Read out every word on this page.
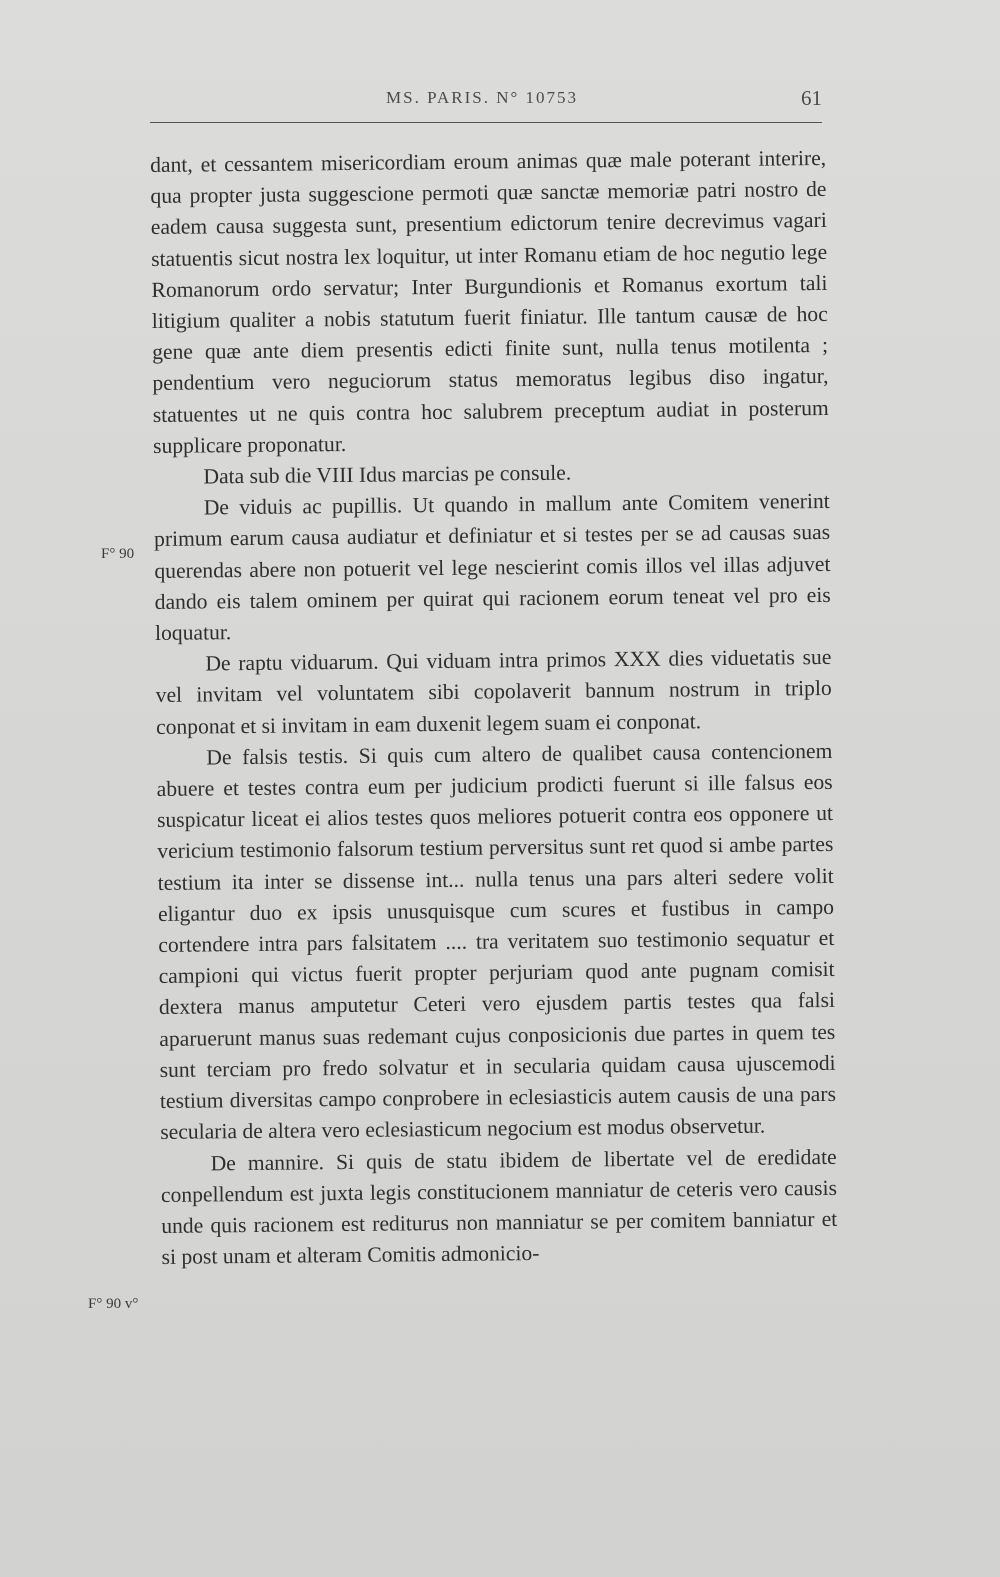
MS. PARIS. N° 10753	61
F° 90
F° 90 v°

dant, et cessantem misericordiam eroum animas quæ male poterant interire, qua propter justa suggescione permoti quæ sanctæ memoriæ patri nostro de eadem causa suggesta sunt, presentium edictorum tenire decrevimus vagari statuentis sicut nostra lex loquitur, ut inter Romanu etiam de hoc negutio lege Romanorum ordo servatur; Inter Burgundionis et Romanus exortum tali litigium qualiter a nobis statutum fuerit finiatur. Ille tantum causæ de hoc gene quæ ante diem presentis edicti finite sunt, nulla tenus motilenta ; pendentium vero neguciorum status memoratus legibus diso ingatur, statuentes ut ne quis contra hoc salubrem preceptum audiat in posterum supplicare proponatur.

Data sub die VIII Idus marcias pe consule.

De viduis ac pupillis. Ut quando in mallum ante Comitem venerint primum earum causa audiatur et definiatur et si testes per se ad causas suas querendas abere non potuerit vel lege nescierint comis illos vel illas adjuvet dando eis talem ominem per quirat qui racionem eorum teneat vel pro eis loquatur.

De raptu viduarum. Qui viduam intra primos XXX dies viduetatis sue vel invitam vel voluntatem sibi copolaverit bannum nostrum in triplo conponat et si invitam in eam duxenit legem suam ei conponat.

De falsis testis. Si quis cum altero de qualibet causa contencionem abuere et testes contra eum per judicium prodicti fuerunt si ille falsus eos suspicatur liceat ei alios testes quos meliores potuerit contra eos opponere ut vericium testimonio falsorum testium perversitus sunt ret quod si ambe partes testium ita inter se dissense int... nulla tenus una pars alteri sedere volit eligantur duo ex ipsis unusquisque cum scures et fustibus in campo cortendere intra pars falsitatem .... tra veritatem suo testimonio sequatur et campioni qui victus fuerit propter perjuriam quod ante pugnam comisit dextera manus amputetur Ceteri vero ejusdem partis testes qua falsi aparuerunt manus suas redemant cujus conposicionis due partes in quem tes sunt terciam pro fredo solvatur et in secularia quidam causa ujuscemodi testium diversitas campo conprobere in eclesiasticis autem causis de una pars secularia de altera vero eclesiasticum negocium est modus observetur.

De mannire. Si quis de statu ibidem de libertate vel de eredidate conpellendum est juxta legis constitucionem manniatur de ceteris vero causis unde quis racionem est rediturus non manniatur se per comitem banniatur et si post unam et alteram Comitis admonicio-
